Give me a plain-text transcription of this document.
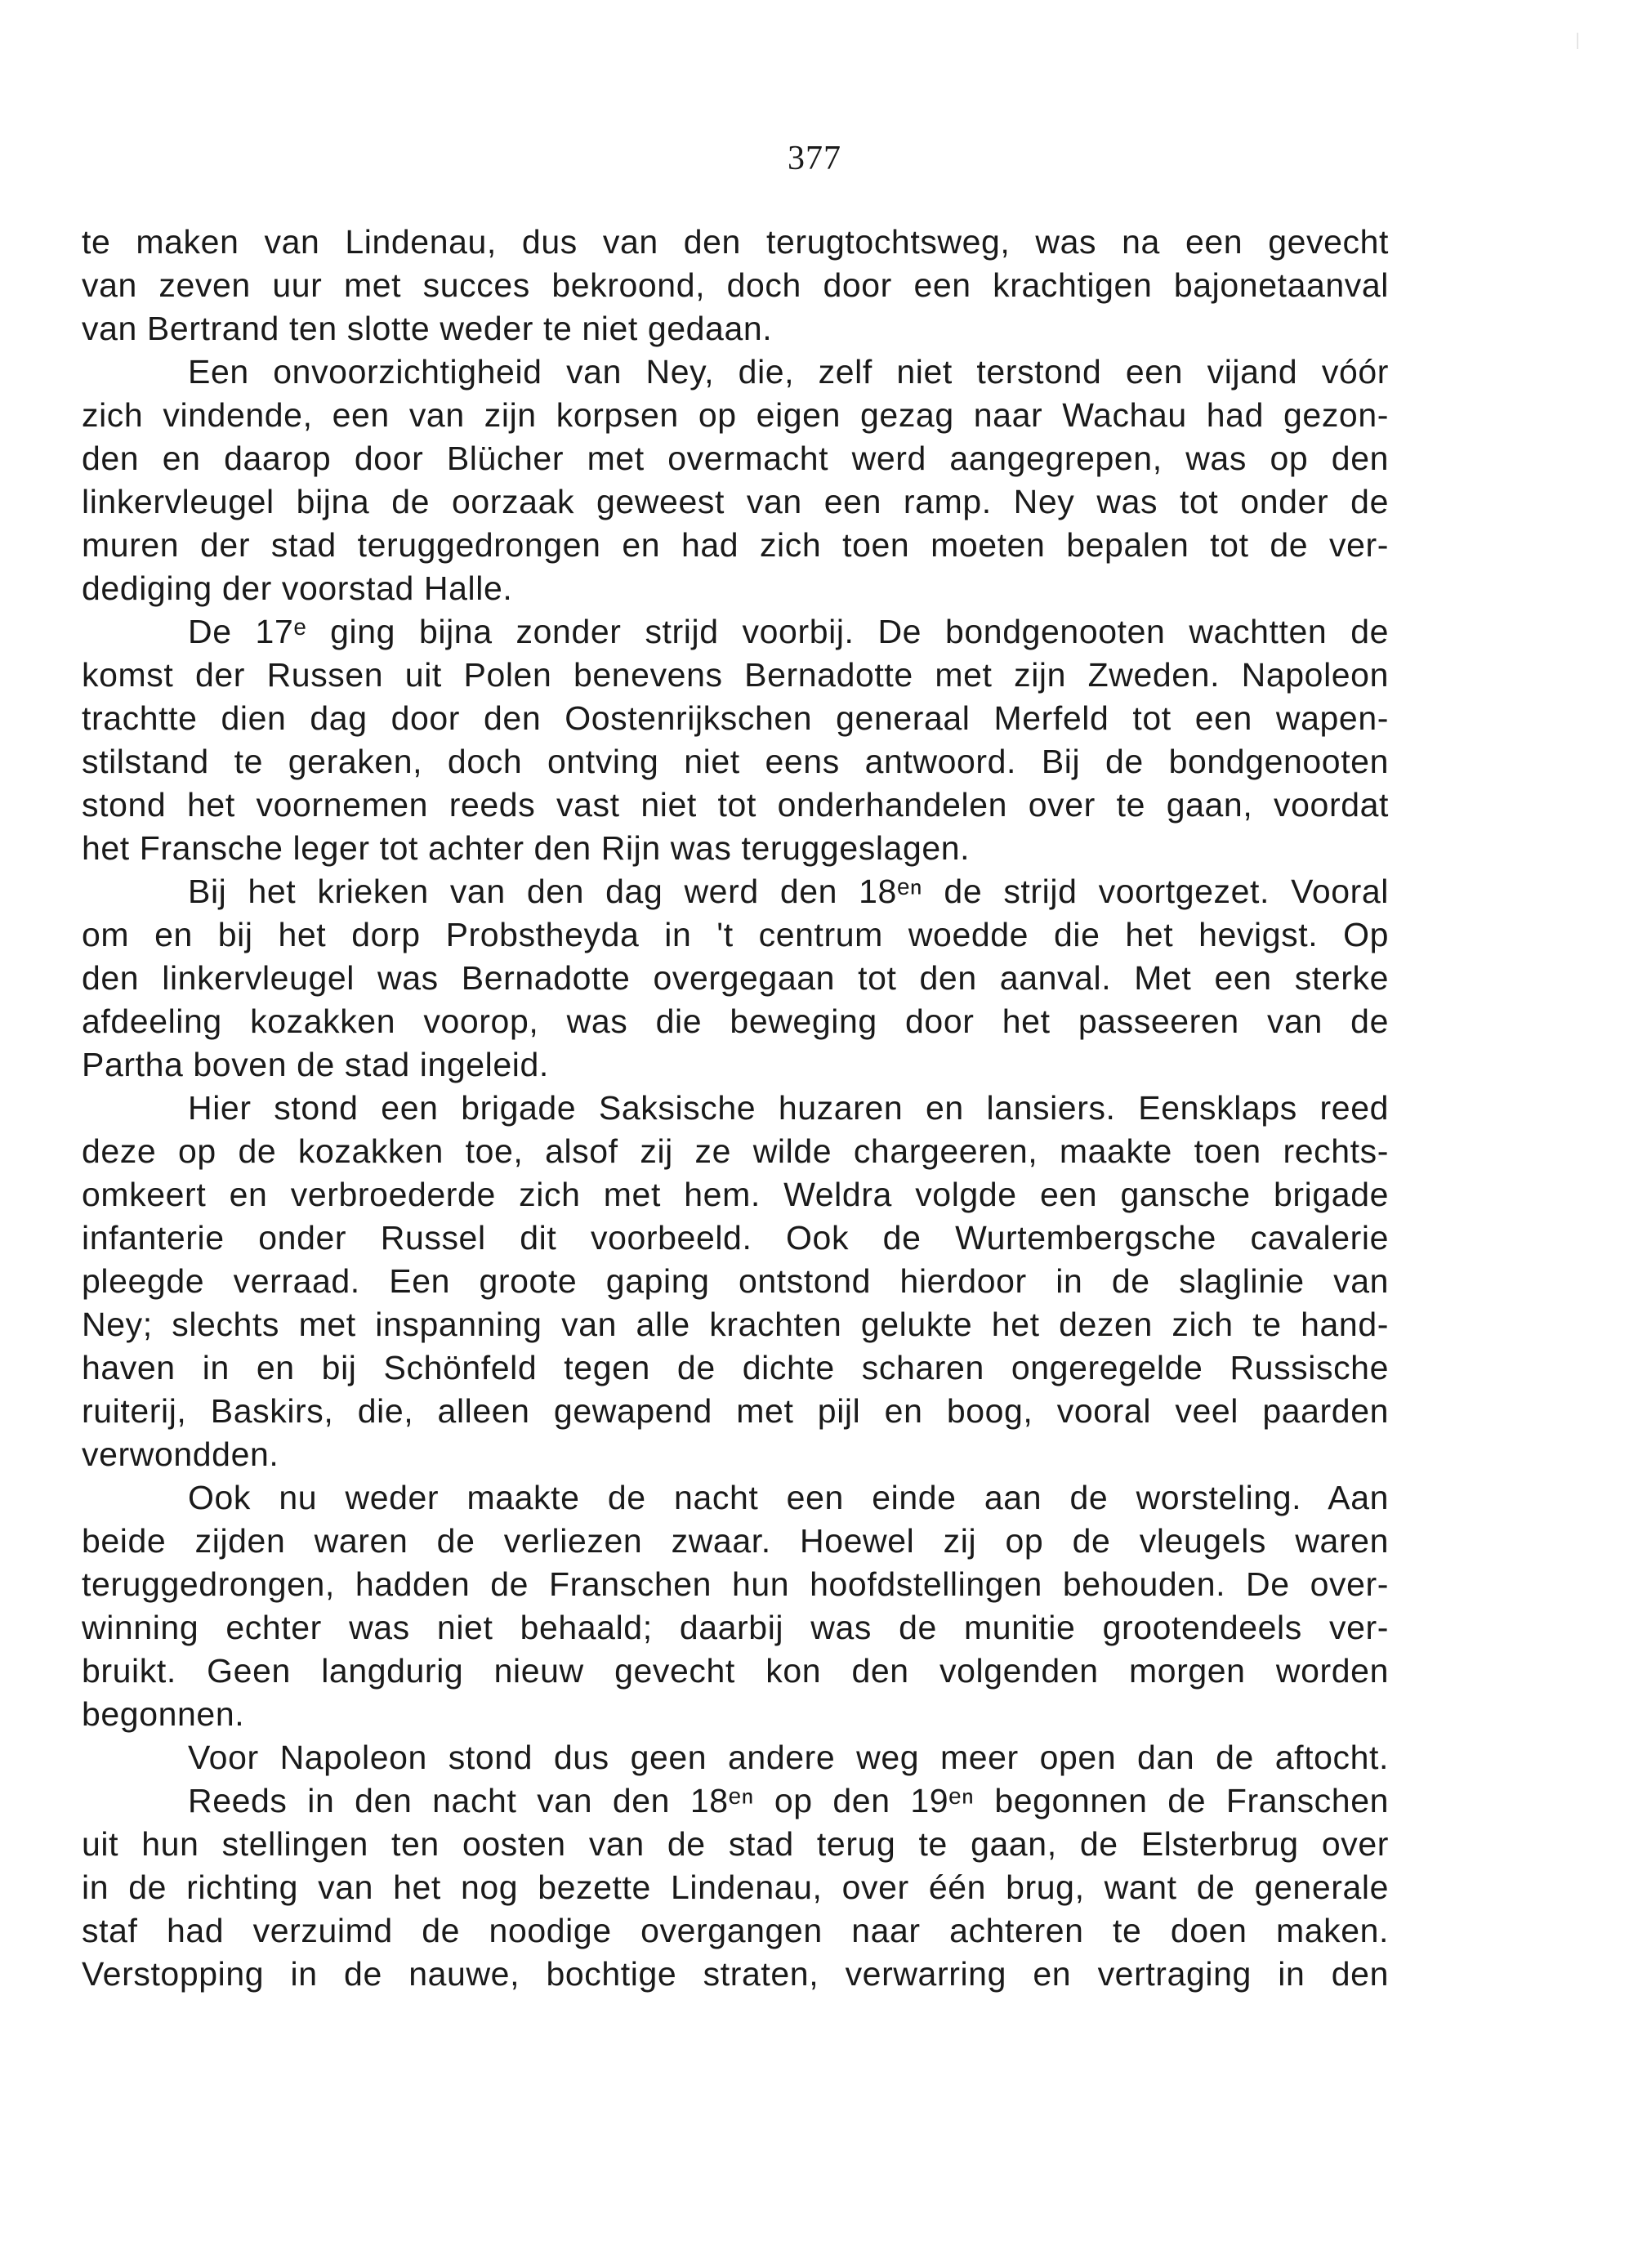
377
te maken van Lindenau, dus van den terugtochtsweg, was na een gevecht
van zeven uur met succes bekroond, doch door een krachtigen bajonetaanval
van Bertrand ten slotte weder te niet gedaan.
Een onvoorzichtigheid van Ney, die, zelf niet terstond een vijand vóór
zich vindende, een van zijn korpsen op eigen gezag naar Wachau had gezon-
den en daarop door Blücher met overmacht werd aangegrepen, was op den
linkervleugel bijna de oorzaak geweest van een ramp. Ney was tot onder de
muren der stad teruggedrongen en had zich toen moeten bepalen tot de ver-
dediging der voorstad Halle.
De 17ᵉ ging bijna zonder strijd voorbij. De bondgenooten wachtten de
komst der Russen uit Polen benevens Bernadotte met zijn Zweden. Napoleon
trachtte dien dag door den Oostenrijkschen generaal Merfeld tot een wapen-
stilstand te geraken, doch ontving niet eens antwoord. Bij de bondgenooten
stond het voornemen reeds vast niet tot onderhandelen over te gaan, voordat
het Fransche leger tot achter den Rijn was teruggeslagen.
Bij het krieken van den dag werd den 18ᵉⁿ de strijd voortgezet. Vooral
om en bij het dorp Probstheyda in 't centrum woedde die het hevigst. Op
den linkervleugel was Bernadotte overgegaan tot den aanval. Met een sterke
afdeeling kozakken voorop, was die beweging door het passeeren van de
Partha boven de stad ingeleid.
Hier stond een brigade Saksische huzaren en lansiers. Eensklaps reed
deze op de kozakken toe, alsof zij ze wilde chargeeren, maakte toen rechts-
omkeert en verbroederde zich met hem. Weldra volgde een gansche brigade
infanterie onder Russel dit voorbeeld. Ook de Wurtembergsche cavalerie
pleegde verraad. Een groote gaping ontstond hierdoor in de slaglinie van
Ney; slechts met inspanning van alle krachten gelukte het dezen zich te hand-
haven in en bij Schönfeld tegen de dichte scharen ongeregelde Russische
ruiterij, Baskirs, die, alleen gewapend met pijl en boog, vooral veel paarden
verwondden.
Ook nu weder maakte de nacht een einde aan de worsteling. Aan
beide zijden waren de verliezen zwaar. Hoewel zij op de vleugels waren
teruggedrongen, hadden de Franschen hun hoofdstellingen behouden. De over-
winning echter was niet behaald; daarbij was de munitie grootendeels ver-
bruikt. Geen langdurig nieuw gevecht kon den volgenden morgen worden
begonnen.
Voor Napoleon stond dus geen andere weg meer open dan de aftocht.
Reeds in den nacht van den 18ᵉⁿ op den 19ᵉⁿ begonnen de Franschen
uit hun stellingen ten oosten van de stad terug te gaan, de Elsterbrug over
in de richting van het nog bezette Lindenau, over één brug, want de generale
staf had verzuimd de noodige overgangen naar achteren te doen maken.
Verstopping in de nauwe, bochtige straten, verwarring en vertraging in den
